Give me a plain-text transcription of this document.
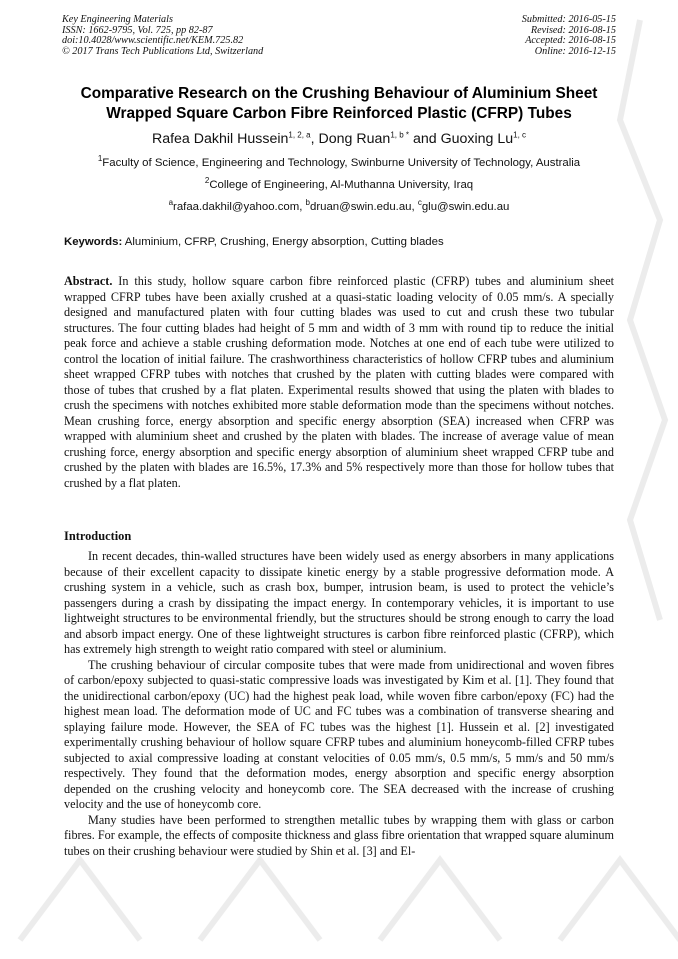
Key Engineering Materials
ISSN: 1662-9795, Vol. 725, pp 82-87
doi:10.4028/www.scientific.net/KEM.725.82
© 2017 Trans Tech Publications Ltd, Switzerland
Submitted: 2016-05-15
Revised: 2016-08-15
Accepted: 2016-08-15
Online: 2016-12-15
Comparative Research on the Crushing Behaviour of Aluminium Sheet Wrapped Square Carbon Fibre Reinforced Plastic (CFRP) Tubes
Rafea Dakhil Hussein$^{1, 2, a}$, Dong Ruan$^{1, b *}$ and Guoxing Lu$^{1, c}$
$^1$Faculty of Science, Engineering and Technology, Swinburne University of Technology, Australia
$^2$College of Engineering, Al-Muthanna University, Iraq
$^a$rafaa.dakhil@yahoo.com, $^b$druan@swin.edu.au, $^c$glu@swin.edu.au
Keywords: Aluminium, CFRP, Crushing, Energy absorption, Cutting blades
Abstract. In this study, hollow square carbon fibre reinforced plastic (CFRP) tubes and aluminium sheet wrapped CFRP tubes have been axially crushed at a quasi-static loading velocity of 0.05 mm/s. A specially designed and manufactured platen with four cutting blades was used to cut and crush these two tubular structures. The four cutting blades had height of 5 mm and width of 3 mm with round tip to reduce the initial peak force and achieve a stable crushing deformation mode. Notches at one end of each tube were utilized to control the location of initial failure. The crashworthiness characteristics of hollow CFRP tubes and aluminium sheet wrapped CFRP tubes with notches that crushed by the platen with cutting blades were compared with those of tubes that crushed by a flat platen. Experimental results showed that using the platen with blades to crush the specimens with notches exhibited more stable deformation mode than the specimens without notches. Mean crushing force, energy absorption and specific energy absorption (SEA) increased when CFRP was wrapped with aluminium sheet and crushed by the platen with blades. The increase of average value of mean crushing force, energy absorption and specific energy absorption of aluminium sheet wrapped CFRP tube and crushed by the platen with blades are 16.5%, 17.3% and 5% respectively more than those for hollow tubes that crushed by a flat platen.
Introduction

In recent decades, thin-walled structures have been widely used as energy absorbers in many applications because of their excellent capacity to dissipate kinetic energy by a stable progressive deformation mode. A crushing system in a vehicle, such as crash box, bumper, intrusion beam, is used to protect the vehicle’s passengers during a crash by dissipating the impact energy. In contemporary vehicles, it is important to use lightweight structures to be environmental friendly, but the structures should be strong enough to carry the load and absorb impact energy. One of these lightweight structures is carbon fibre reinforced plastic (CFRP), which has extremely high strength to weight ratio compared with steel or aluminium.

The crushing behaviour of circular composite tubes that were made from unidirectional and woven fibres of carbon/epoxy subjected to quasi-static compressive loads was investigated by Kim et al. [1]. They found that the unidirectional carbon/epoxy (UC) had the highest peak load, while woven fibre carbon/epoxy (FC) had the highest mean load. The deformation mode of UC and FC tubes was a combination of transverse shearing and splaying failure mode. However, the SEA of FC tubes was the highest [1]. Hussein et al. [2] investigated experimentally crushing behaviour of hollow square CFRP tubes and aluminium honeycomb-filled CFRP tubes subjected to axial compressive loading at constant velocities of 0.05 mm/s, 0.5 mm/s, 5 mm/s and 50 mm/s respectively. They found that the deformation modes, energy absorption and specific energy absorption depended on the crushing velocity and honeycomb core. The SEA decreased with the increase of crushing velocity and the use of honeycomb core.

Many studies have been performed to strengthen metallic tubes by wrapping them with glass or carbon fibres. For example, the effects of composite thickness and glass fibre orientation that wrapped square aluminum tubes on their crushing behaviour were studied by Shin et al. [3] and El-
